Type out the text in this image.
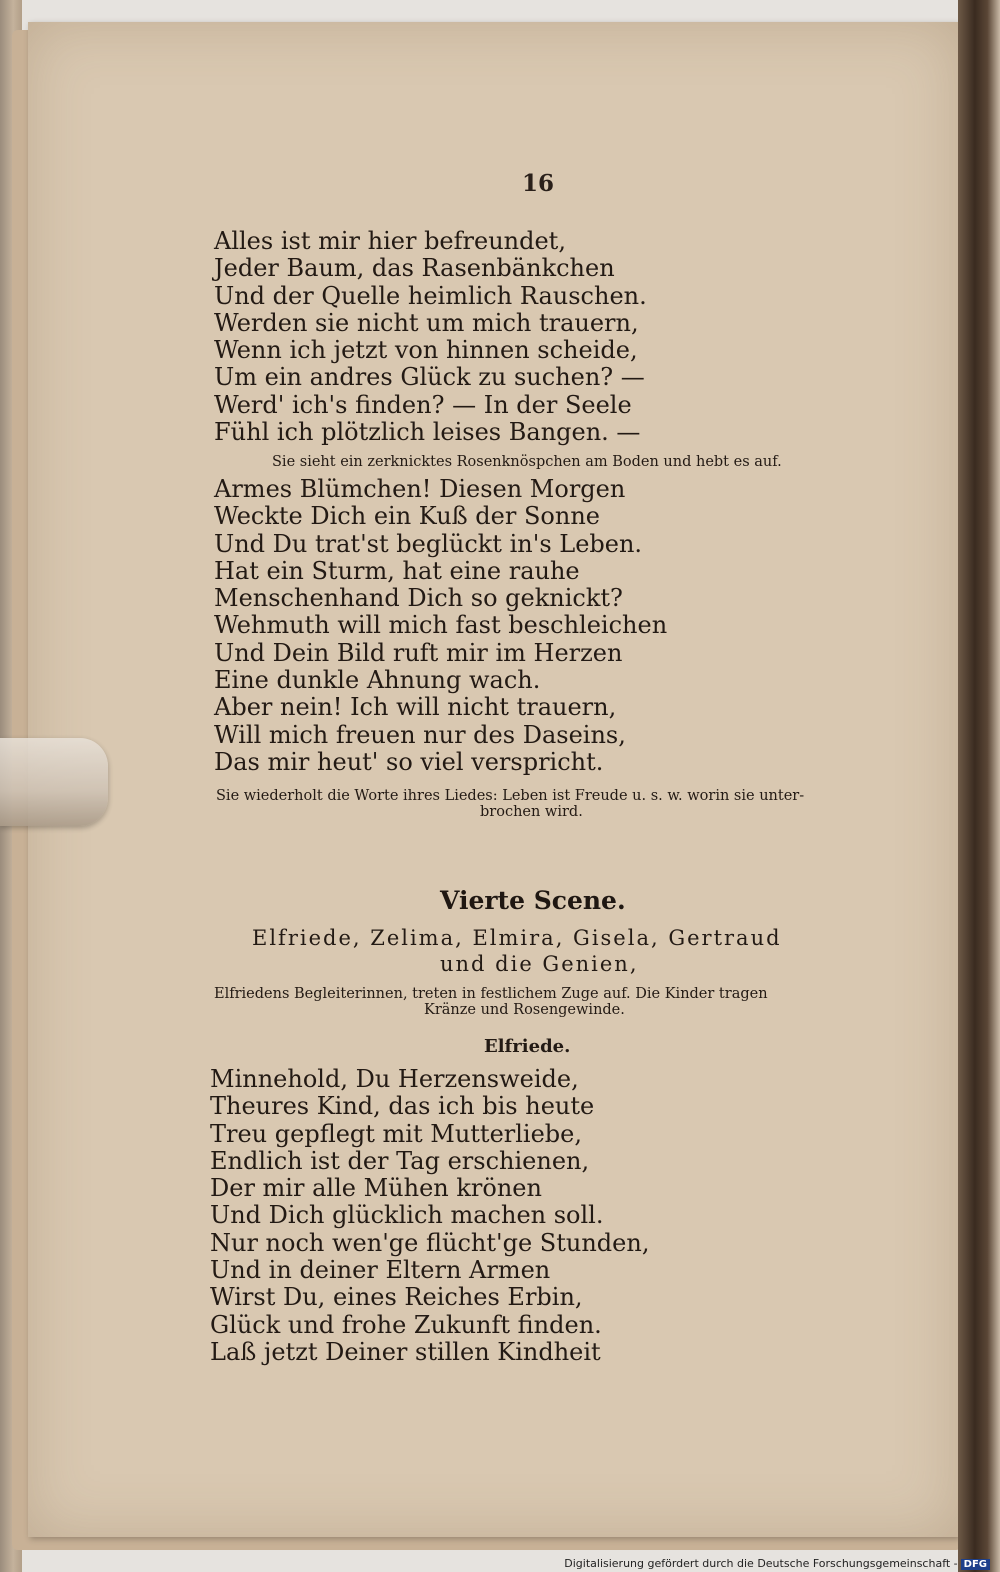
16
Alles ist mir hier befreundet,
Jeder Baum, das Rasenbänkchen
Und der Quelle heimlich Rauschen.
Werden sie nicht um mich trauern,
Wenn ich jetzt von hinnen scheide,
Um ein andres Glück zu suchen? —
Werd' ich's finden? — In der Seele
Fühl ich plötzlich leises Bangen. —
Sie sieht ein zerknicktes Rosenknöspchen am Boden und hebt es auf.
Armes Blümchen! Diesen Morgen
Weckte Dich ein Kuß der Sonne
Und Du trat'st beglückt in's Leben.
Hat ein Sturm, hat eine rauhe
Menschenhand Dich so geknickt?
Wehmuth will mich fast beschleichen
Und Dein Bild ruft mir im Herzen
Eine dunkle Ahnung wach.
Aber nein! Ich will nicht trauern,
Will mich freuen nur des Daseins,
Das mir heut' so viel verspricht.
Sie wiederholt die Worte ihres Liedes: Leben ist Freude u. s. w. worin sie unter-
brochen wird.
Vierte Scene.
Elfriede, Zelima, Elmira, Gisela, Gertraud
und die Genien,
Elfriedens Begleiterinnen, treten in festlichem Zuge auf. Die Kinder tragen
Kränze und Rosengewinde.
Elfriede.
Minnehold, Du Herzensweide,
Theures Kind, das ich bis heute
Treu gepflegt mit Mutterliebe,
Endlich ist der Tag erschienen,
Der mir alle Mühen krönen
Und Dich glücklich machen soll.
Nur noch wen'ge flücht'ge Stunden,
Und in deiner Eltern Armen
Wirst Du, eines Reiches Erbin,
Glück und frohe Zukunft finden.
Laß jetzt Deiner stillen Kindheit
Digitalisierung gefördert durch die Deutsche Forschungsgemeinschaft - DFG
